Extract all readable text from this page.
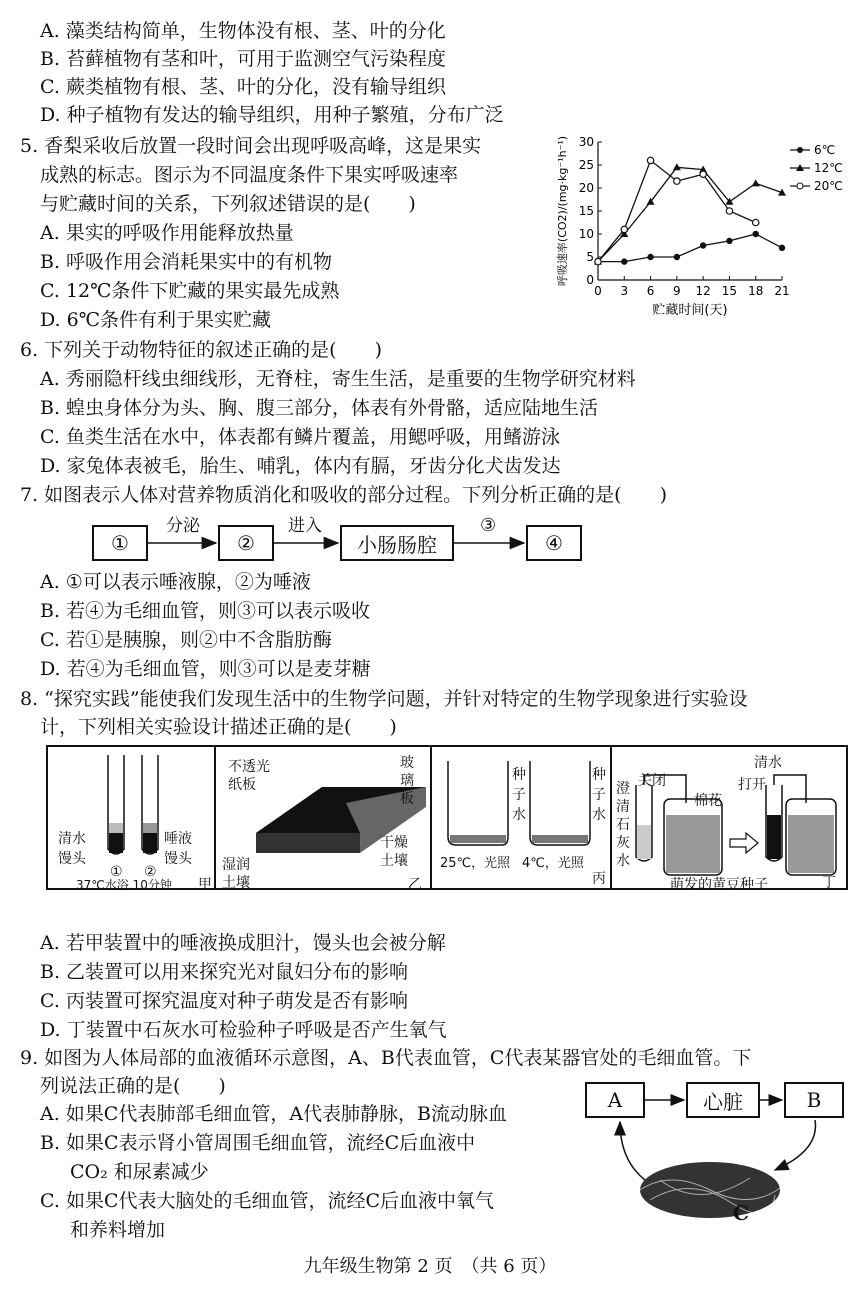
A. 藻类结构简单，生物体没有根、茎、叶的分化
B. 苔藓植物有茎和叶，可用于监测空气污染程度
C. 蕨类植物有根、茎、叶的分化，没有输导组织
D. 种子植物有发达的输导组织，用种子繁殖，分布广泛
5. 香梨采收后放置一段时间会出现呼吸高峰，这是果实
成熟的标志。图示为不同温度条件下果实呼吸速率
与贮藏时间的关系，下列叙述错误的是(　　)
A. 果实的呼吸作用能释放热量
B. 呼吸作用会消耗果实中的有机物
C. 12℃条件下贮藏的果实最先成熟
D. 6℃条件有利于果实贮藏
0
5
10
15
20
25
30
0 3 6 9 12 15 18 21
贮藏时间(天)
呼吸速率(CO2)/(mg·kg⁻¹h⁻¹)	6℃
12℃
20℃
6. 下列关于动物特征的叙述正确的是(　　)
A. 秀丽隐杆线虫细线形，无脊柱，寄生生活，是重要的生物学研究材料
B. 蝗虫身体分为头、胸、腹三部分，体表有外骨骼，适应陆地生活
C. 鱼类生活在水中，体表都有鳞片覆盖，用鳃呼吸，用鳍游泳
D. 家兔体表被毛，胎生、哺乳，体内有膈，牙齿分化犬齿发达
7. 如图表示人体对营养物质消化和吸收的部分过程。下列分析正确的是(　　)
①	②	小肠肠腔	④
分泌	进入	③
A. ①可以表示唾液腺，②为唾液
B. 若④为毛细血管，则③可以表示吸收
C. 若①是胰腺，则②中不含脂肪酶
D. 若④为毛细血管，则③可以是麦芽糖
8. “探究实践”能使我们发现生活中的生物学问题，并针对特定的生物学现象进行实验设
计，下列相关实验设计描述正确的是(　　)
清水
馒头
唾液
馒头
① ②
37℃水浴 10分钟 甲
不透光
纸板
玻
璃
板
干燥
土壤
湿润
土壤	乙
种
子
水
种
子
水
25℃，光照 4℃，光照
丙
澄
清
石
灰
水
关闭
棉花
清水
打开
萌发的黄豆种子	丁
A. 若甲装置中的唾液换成胆汁，馒头也会被分解
B. 乙装置可以用来探究光对鼠妇分布的影响
C. 丙装置可探究温度对种子萌发是否有影响
D. 丁装置中石灰水可检验种子呼吸是否产生氧气
9. 如图为人体局部的血液循环示意图，A、B代表血管，C代表某器官处的毛细血管。下
列说法正确的是(　　)
A. 如果C代表肺部毛细血管，A代表肺静脉，B流动脉血
B. 如果C表示肾小管周围毛细血管，流经C后血液中
CO₂ 和尿素减少
C. 如果C代表大脑处的毛细血管，流经C后血液中氧气
和养料增加
A	心脏	B
C
九年级生物第 2 页　（共 6 页）
